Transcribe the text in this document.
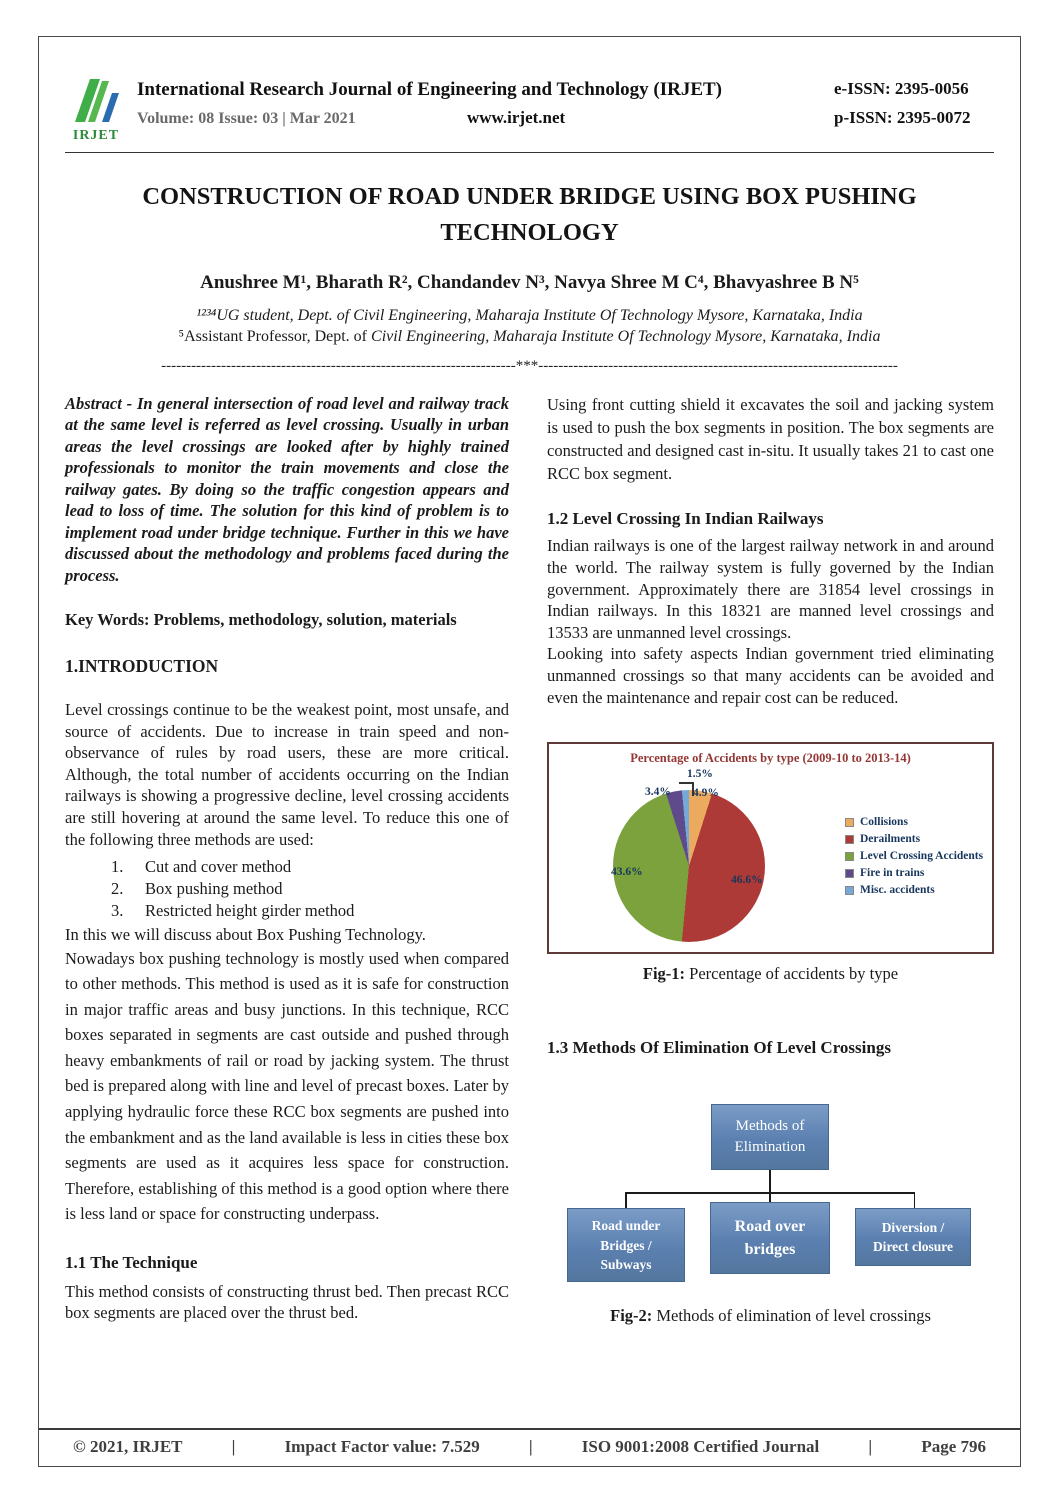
IRJET
International Research Journal of Engineering and Technology (IRJET)
Volume: 08 Issue: 03 | Mar 2021	www.irjet.net
e-ISSN: 2395-0056
p-ISSN: 2395-0072
CONSTRUCTION OF ROAD UNDER BRIDGE USING BOX PUSHING
TECHNOLOGY
Anushree M¹, Bharath R², Chandandev N³, Navya Shree M C⁴, Bhavyashree B N⁵
¹²³⁴UG student, Dept. of Civil Engineering, Maharaja Institute Of Technology Mysore, Karnataka, India
⁵Assistant Professor, Dept. of Civil Engineering, Maharaja Institute Of Technology Mysore, Karnataka, India
-----------------------------------------------------------------------***------------------------------------------------------------------------
Abstract - In general intersection of road level and railway track at the same level is referred as level crossing. Usually in urban areas the level crossings are looked after by highly trained professionals to monitor the train movements and close the railway gates. By doing so the traffic congestion appears and lead to loss of time. The solution for this kind of problem is to implement road under bridge technique. Further in this we have discussed about the methodology and problems faced during the process.
Key Words: Problems, methodology, solution, materials
1.INTRODUCTION
Level crossings continue to be the weakest point, most unsafe, and source of accidents. Due to increase in train speed and non-observance of rules by road users, these are more critical. Although, the total number of accidents occurring on the Indian railways is showing a progressive decline, level crossing accidents are still hovering at around the same level. To reduce this one of the following three methods are used:
1.	Cut and cover method
2.	Box pushing method
3.	Restricted height girder method
In this we will discuss about Box Pushing Technology.
Nowadays box pushing technology is mostly used when compared to other methods. This method is used as it is safe for construction in major traffic areas and busy junctions. In this technique, RCC boxes separated in segments are cast outside and pushed through heavy embankments of rail or road by jacking system. The thrust bed is prepared along with line and level of precast boxes. Later by applying hydraulic force these RCC box segments are pushed into the embankment and as the land available is less in cities these box segments are used as it acquires less space for construction. Therefore, establishing of this method is a good option where there is less land or space for constructing underpass.
1.1 The Technique
This method consists of constructing thrust bed. Then precast RCC box segments are placed over the thrust bed.
Using front cutting shield it excavates the soil and jacking system is used to push the box segments in position. The box segments are constructed and designed cast in-situ. It usually takes 21 to cast one RCC box segment.
1.2 Level Crossing In Indian Railways
Indian railways is one of the largest railway network in and around the world. The railway system is fully governed by the Indian government. Approximately there are 31854 level crossings in Indian railways. In this 18321 are manned level crossings and 13533 are unmanned level crossings.
Looking into safety aspects Indian government tried eliminating unmanned crossings so that many accidents can be avoided and even the maintenance and repair cost can be reduced.
Percentage of Accidents by type (2009-10 to 2013-14)
1.5%
3.4% 4.9%
43.6%
46.6%
Collisions
Derailments
Level Crossing Accidents
Fire in trains
Misc. accidents
Fig-1: Percentage of accidents by type
1.3 Methods Of Elimination Of Level Crossings
Methods of Elimination
Road under Bridges / Subways
Road over bridges
Diversion / Direct closure
Fig-2: Methods of elimination of level crossings
© 2021, IRJET	|	Impact Factor value: 7.529	|	ISO 9001:2008 Certified Journal	|	Page 796
